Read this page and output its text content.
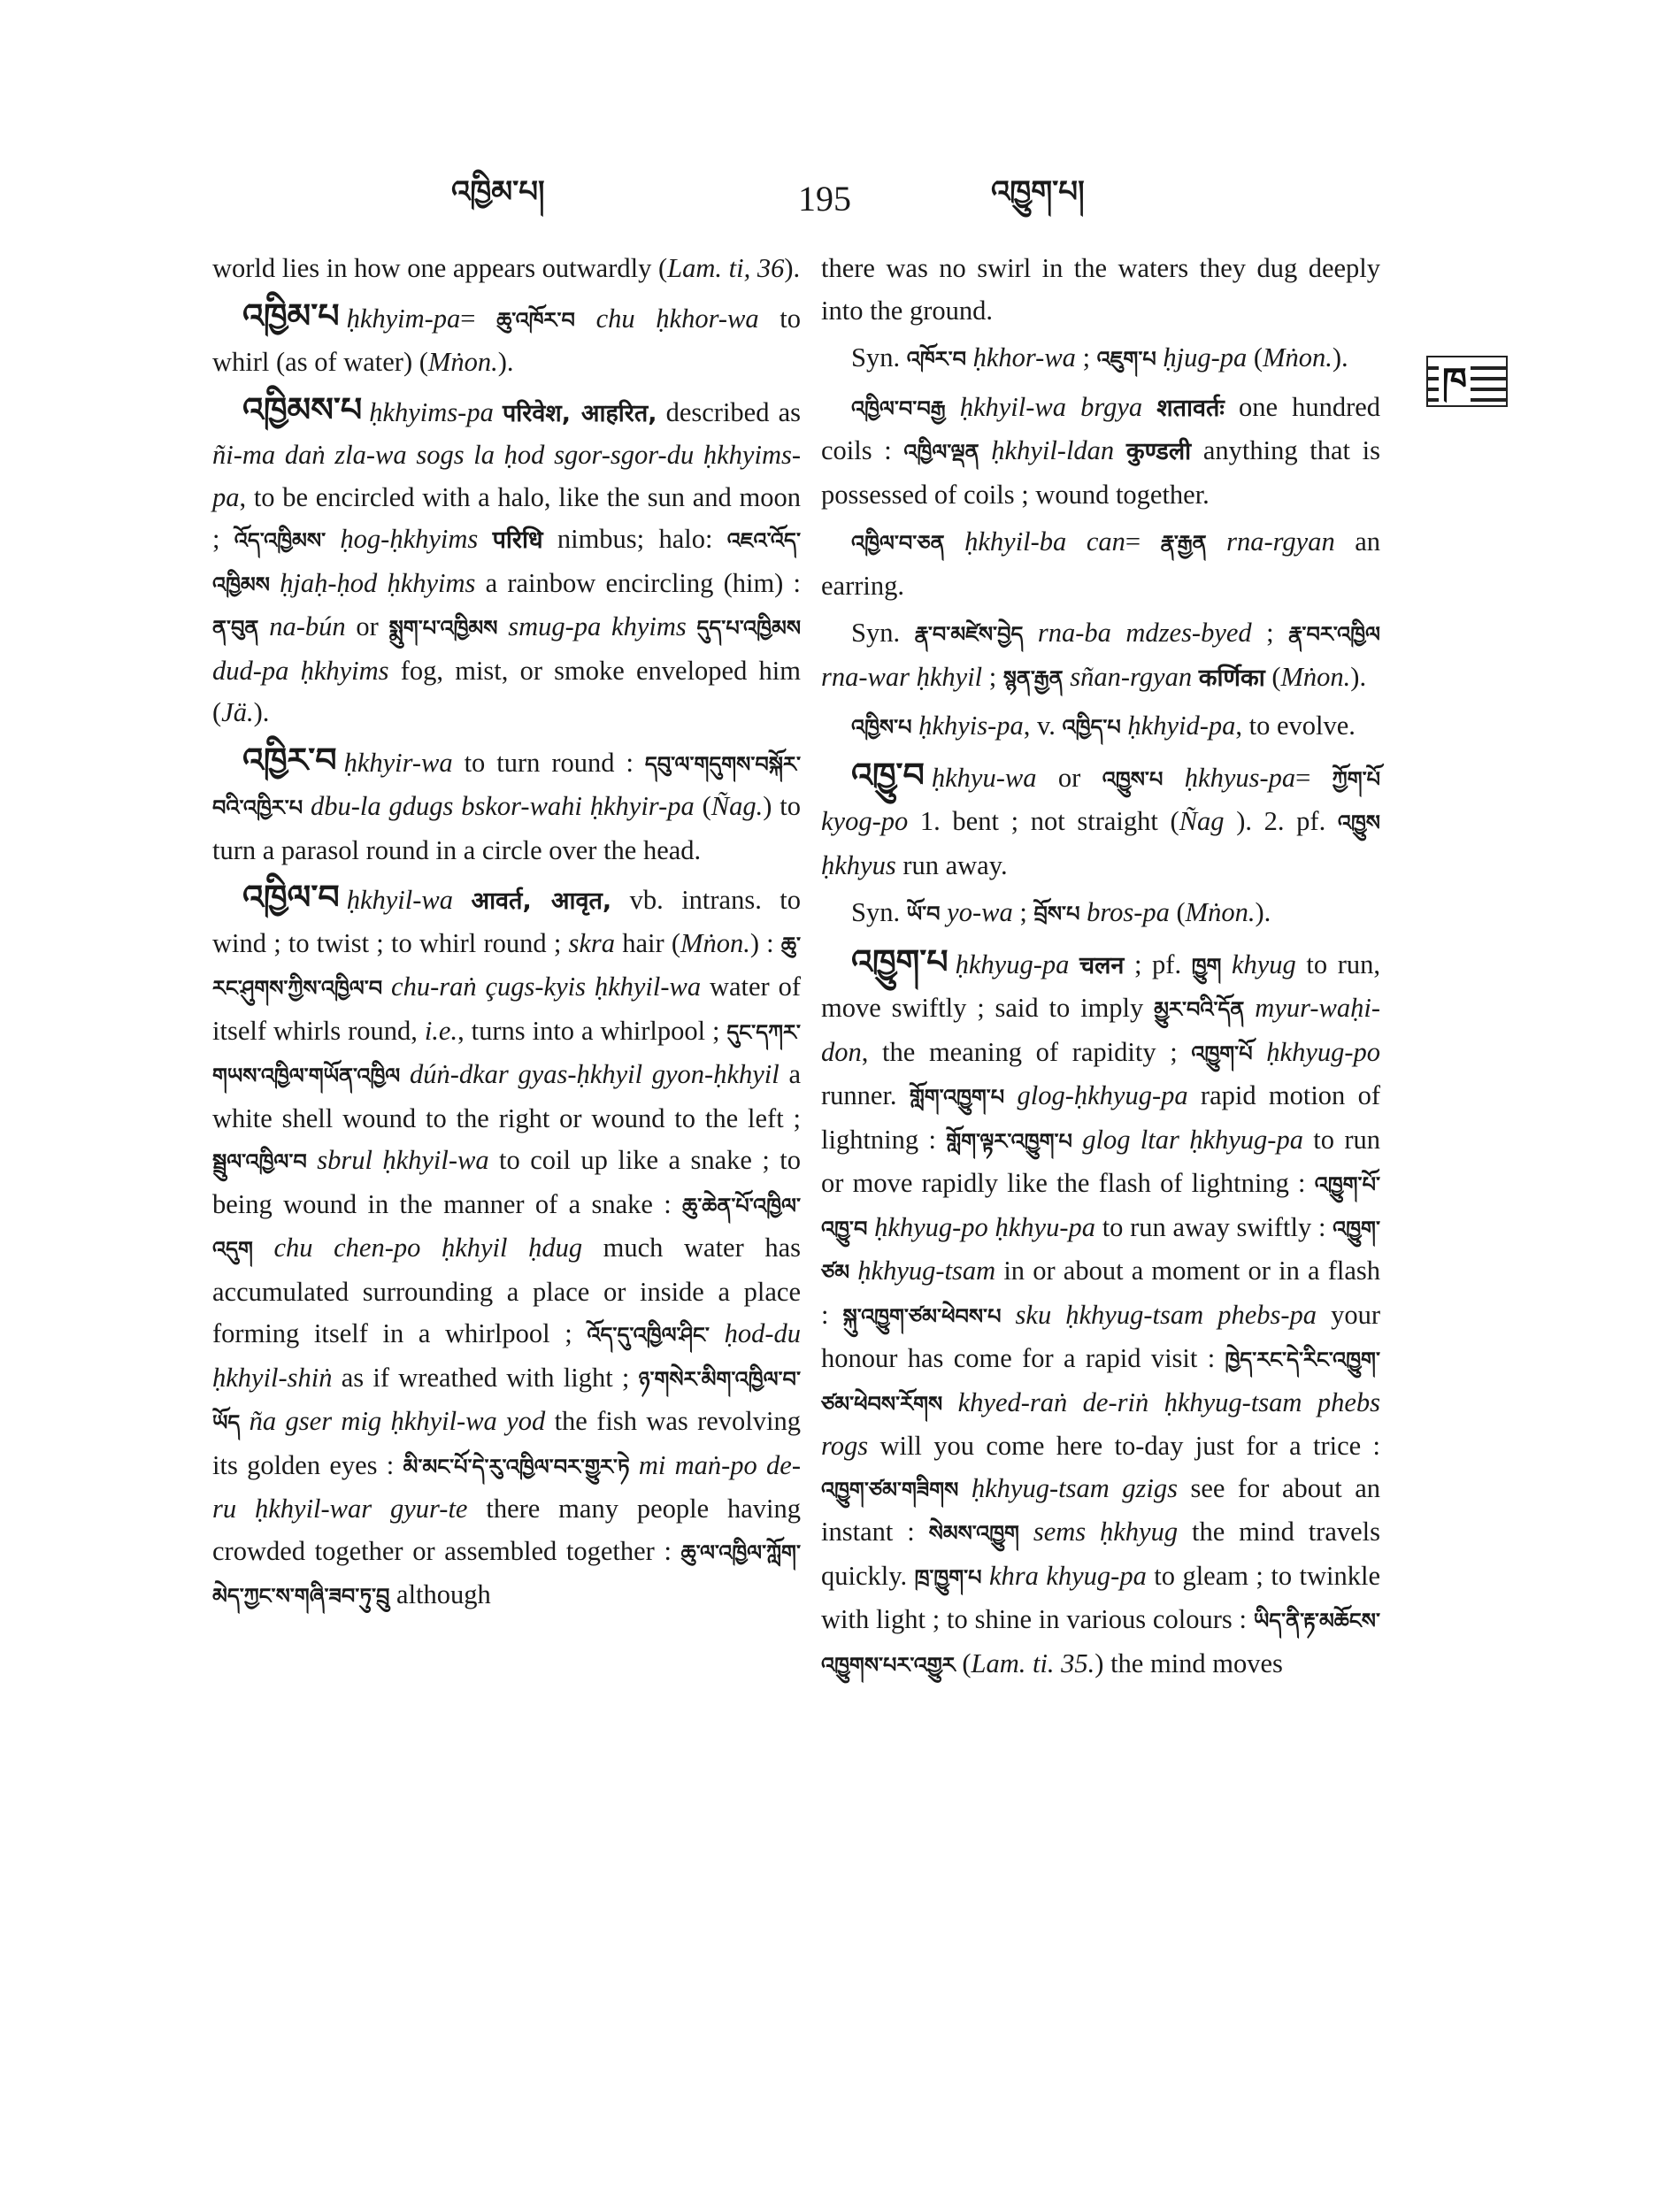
འཁྱིམ་པ།	195	འཁྱུག་པ།
ཁ

world lies in how one appears outwardly (Lam. ti, 36).

འཁྱིམ་པ ḥkhyim-pa= ཆུ་འཁོར་བ chu ḥkhor-wa to whirl (as of water) (Mṅon.).

འཁྱིམས་པ ḥkhyims-pa परिवेश, आहरित, described as ñi-ma daṅ zla-wa sogs la ḥod sgor-sgor-du ḥkhyims-pa, to be encircled with a halo, like the sun and moon ; འོད་འཁྱིམས་ ḥog-ḥkhyims परिधि nimbus; halo: འཇའ་འོད་འཁྱིམས ḥjaḥ-ḥod ḥkhyims a rainbow encircling (him) : ན་བུན na-bún or སྨུག་པ་འཁྱིམས smug-pa khyims དུད་པ་འཁྱིམས dud-pa ḥkhyims fog, mist, or smoke enveloped him (Jä.).

འཁྱིར་བ ḥkhyir-wa to turn round : དབུ་ལ་གདུགས་བསྐོར་བའི་འཁྱིར་པ dbu-la gdugs bskor-wahi ḥkhyir-pa (Ñag.) to turn a parasol round in a circle over the head.

འཁྱིལ་བ ḥkhyil-wa आवर्त, आवृत, vb. intrans. to wind ; to twist ; to whirl round ; skra hair (Mṅon.) : ཆུ་རང་ཤུགས་ཀྱིས་འཁྱིལ་བ chu-raṅ çugs-kyis ḥkhyil-wa water of itself whirls round, i.e., turns into a whirlpool ; དུང་དཀར་གཡས་འཁྱིལ་གཡོན་འཁྱིལ dúṅ-dkar gyas-ḥkhyil gyon-ḥkhyil a white shell wound to the right or wound to the left ; སྦྲུལ་འཁྱིལ་བ sbrul ḥkhyil-wa to coil up like a snake ; to being wound in the manner of a snake : ཆུ་ཆེན་པོ་འཁྱིལ་འདུག chu chen-po ḥkhyil ḥdug much water has accumulated surrounding a place or inside a place forming itself in a whirlpool ; འོད་དུ་འཁྱིལ་ཤིང་ ḥod-du ḥkhyil-shiṅ as if wreathed with light ; ཉ་གསེར་མིག་འཁྱིལ་བ་ཡོད ña gser mig ḥkhyil-wa yod the fish was revolving its golden eyes : མི་མང་པོ་དེ་རུ་འཁྱིལ་བར་གྱུར་ཏེ mi maṅ-po de-ru ḥkhyil-war gyur-te there many people having crowded together or assembled together : ཆུ་ལ་འཁྱིལ་ཀློག་མེད་ཀྱང་ས་གཞི་ཟབ་ཏུ་བྲུ although

there was no swirl in the waters they dug deeply into the ground.

Syn. འཁོར་བ ḥkhor-wa ; འཇུག་པ ḥjug-pa (Mṅon.).

འཁྱིལ་བ་བརྒྱ ḥkhyil-wa brgya शतावर्तः one hundred coils : འཁྱིལ་ལྡན ḥkhyil-ldan कुण्डली anything that is possessed of coils ; wound together.

འཁྱིལ་བ་ཅན ḥkhyil-ba can= རྣ་རྒྱན rna-rgyan an earring.

Syn. རྣ་བ་མཛེས་བྱེད rna-ba mdzes-byed ; རྣ་བར་འཁྱིལ rna-war ḥkhyil ; སྙན་རྒྱན sñan-rgyan कर्णिका (Mṅon.).

འཁྱིས་པ ḥkhyis-pa, v. འཁྱིད་པ ḥkhyid-pa, to evolve.

འཁྱུ་བ ḥkhyu-wa or འཁྱུས་པ ḥkhyus-pa= ཀྱོག་པོ kyog-po 1. bent ; not straight (Ñag ). 2. pf. འཁྱུས ḥkhyus run away.

Syn. ཡོ་བ yo-wa ; བྲོས་པ bros-pa (Mṅon.).

འཁྱུག་པ ḥkhyug-pa चलन ; pf. ཁྱུག khyug to run, move swiftly ; said to imply མྱུར་བའི་དོན myur-waḥi-don, the meaning of rapidity ; འཁྱུག་པོ ḥkhyug-po runner. གློག་འཁྱུག་པ glog-ḥkhyug-pa rapid motion of lightning : གློག་ལྟར་འཁྱུག་པ glog ltar ḥkhyug-pa to run or move rapidly like the flash of lightning : འཁྱུག་པོ་འཁྱུ་བ ḥkhyug-po ḥkhyu-pa to run away swiftly : འཁྱུག་ཙམ ḥkhyug-tsam in or about a moment or in a flash : སྐུ་འཁྱུག་ཙམ་ཕེབས་པ sku ḥkhyug-tsam phebs-pa your honour has come for a rapid visit : ཁྱེད་རང་དེ་རིང་འཁྱུག་ཙམ་ཕེབས་རོགས khyed-raṅ de-riṅ ḥkhyug-tsam phebs rogs will you come here to-day just for a trice : འཁྱུག་ཙམ་གཟིགས ḥkhyug-tsam gzigs see for about an instant : སེམས་འཁྱུག sems ḥkhyug the mind travels quickly. ཁྲ་ཁྱུག་པ khra khyug-pa to gleam ; to twinkle with light ; to shine in various colours : ཡིད་ནི་རྟ་མཆོངས་འཁྱུགས་པར་འགྱུར (Lam. ti. 35.) the mind moves
